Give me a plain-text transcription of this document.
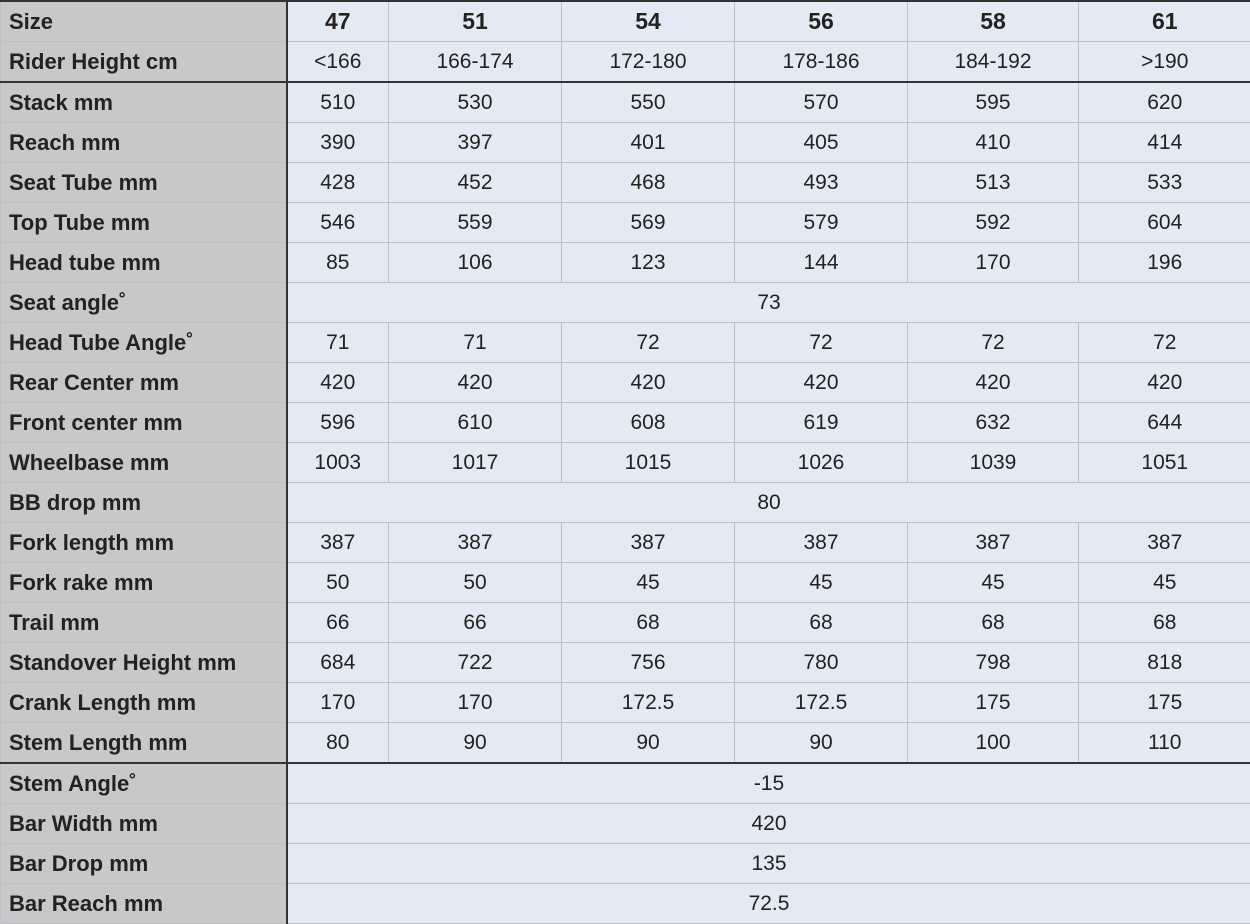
Size	47	51	54	56	58	61
Rider Height cm	<166	166-174	172-180	178-186	184-192	>190
Stack mm	510	530	550	570	595	620
Reach mm	390	397	401	405	410	414
Seat Tube mm	428	452	468	493	513	533
Top Tube mm	546	559	569	579	592	604
Head tube mm	85	106	123	144	170	196
Seat angle˚	73					
Head Tube Angle˚	71	71	72	72	72	72
Rear Center mm	420	420	420	420	420	420
Front center mm	596	610	608	619	632	644
Wheelbase mm	1003	1017	1015	1026	1039	1051
BB drop mm	80					
Fork length mm	387	387	387	387	387	387
Fork rake mm	50	50	45	45	45	45
Trail mm	66	66	68	68	68	68
Standover Height mm	684	722	756	780	798	818
Crank Length mm	170	170	172.5	172.5	175	175
Stem Length mm	80	90	90	90	100	110
Stem Angle˚	-15					
Bar Width mm	420					
Bar Drop mm	135					
Bar Reach mm	72.5					
